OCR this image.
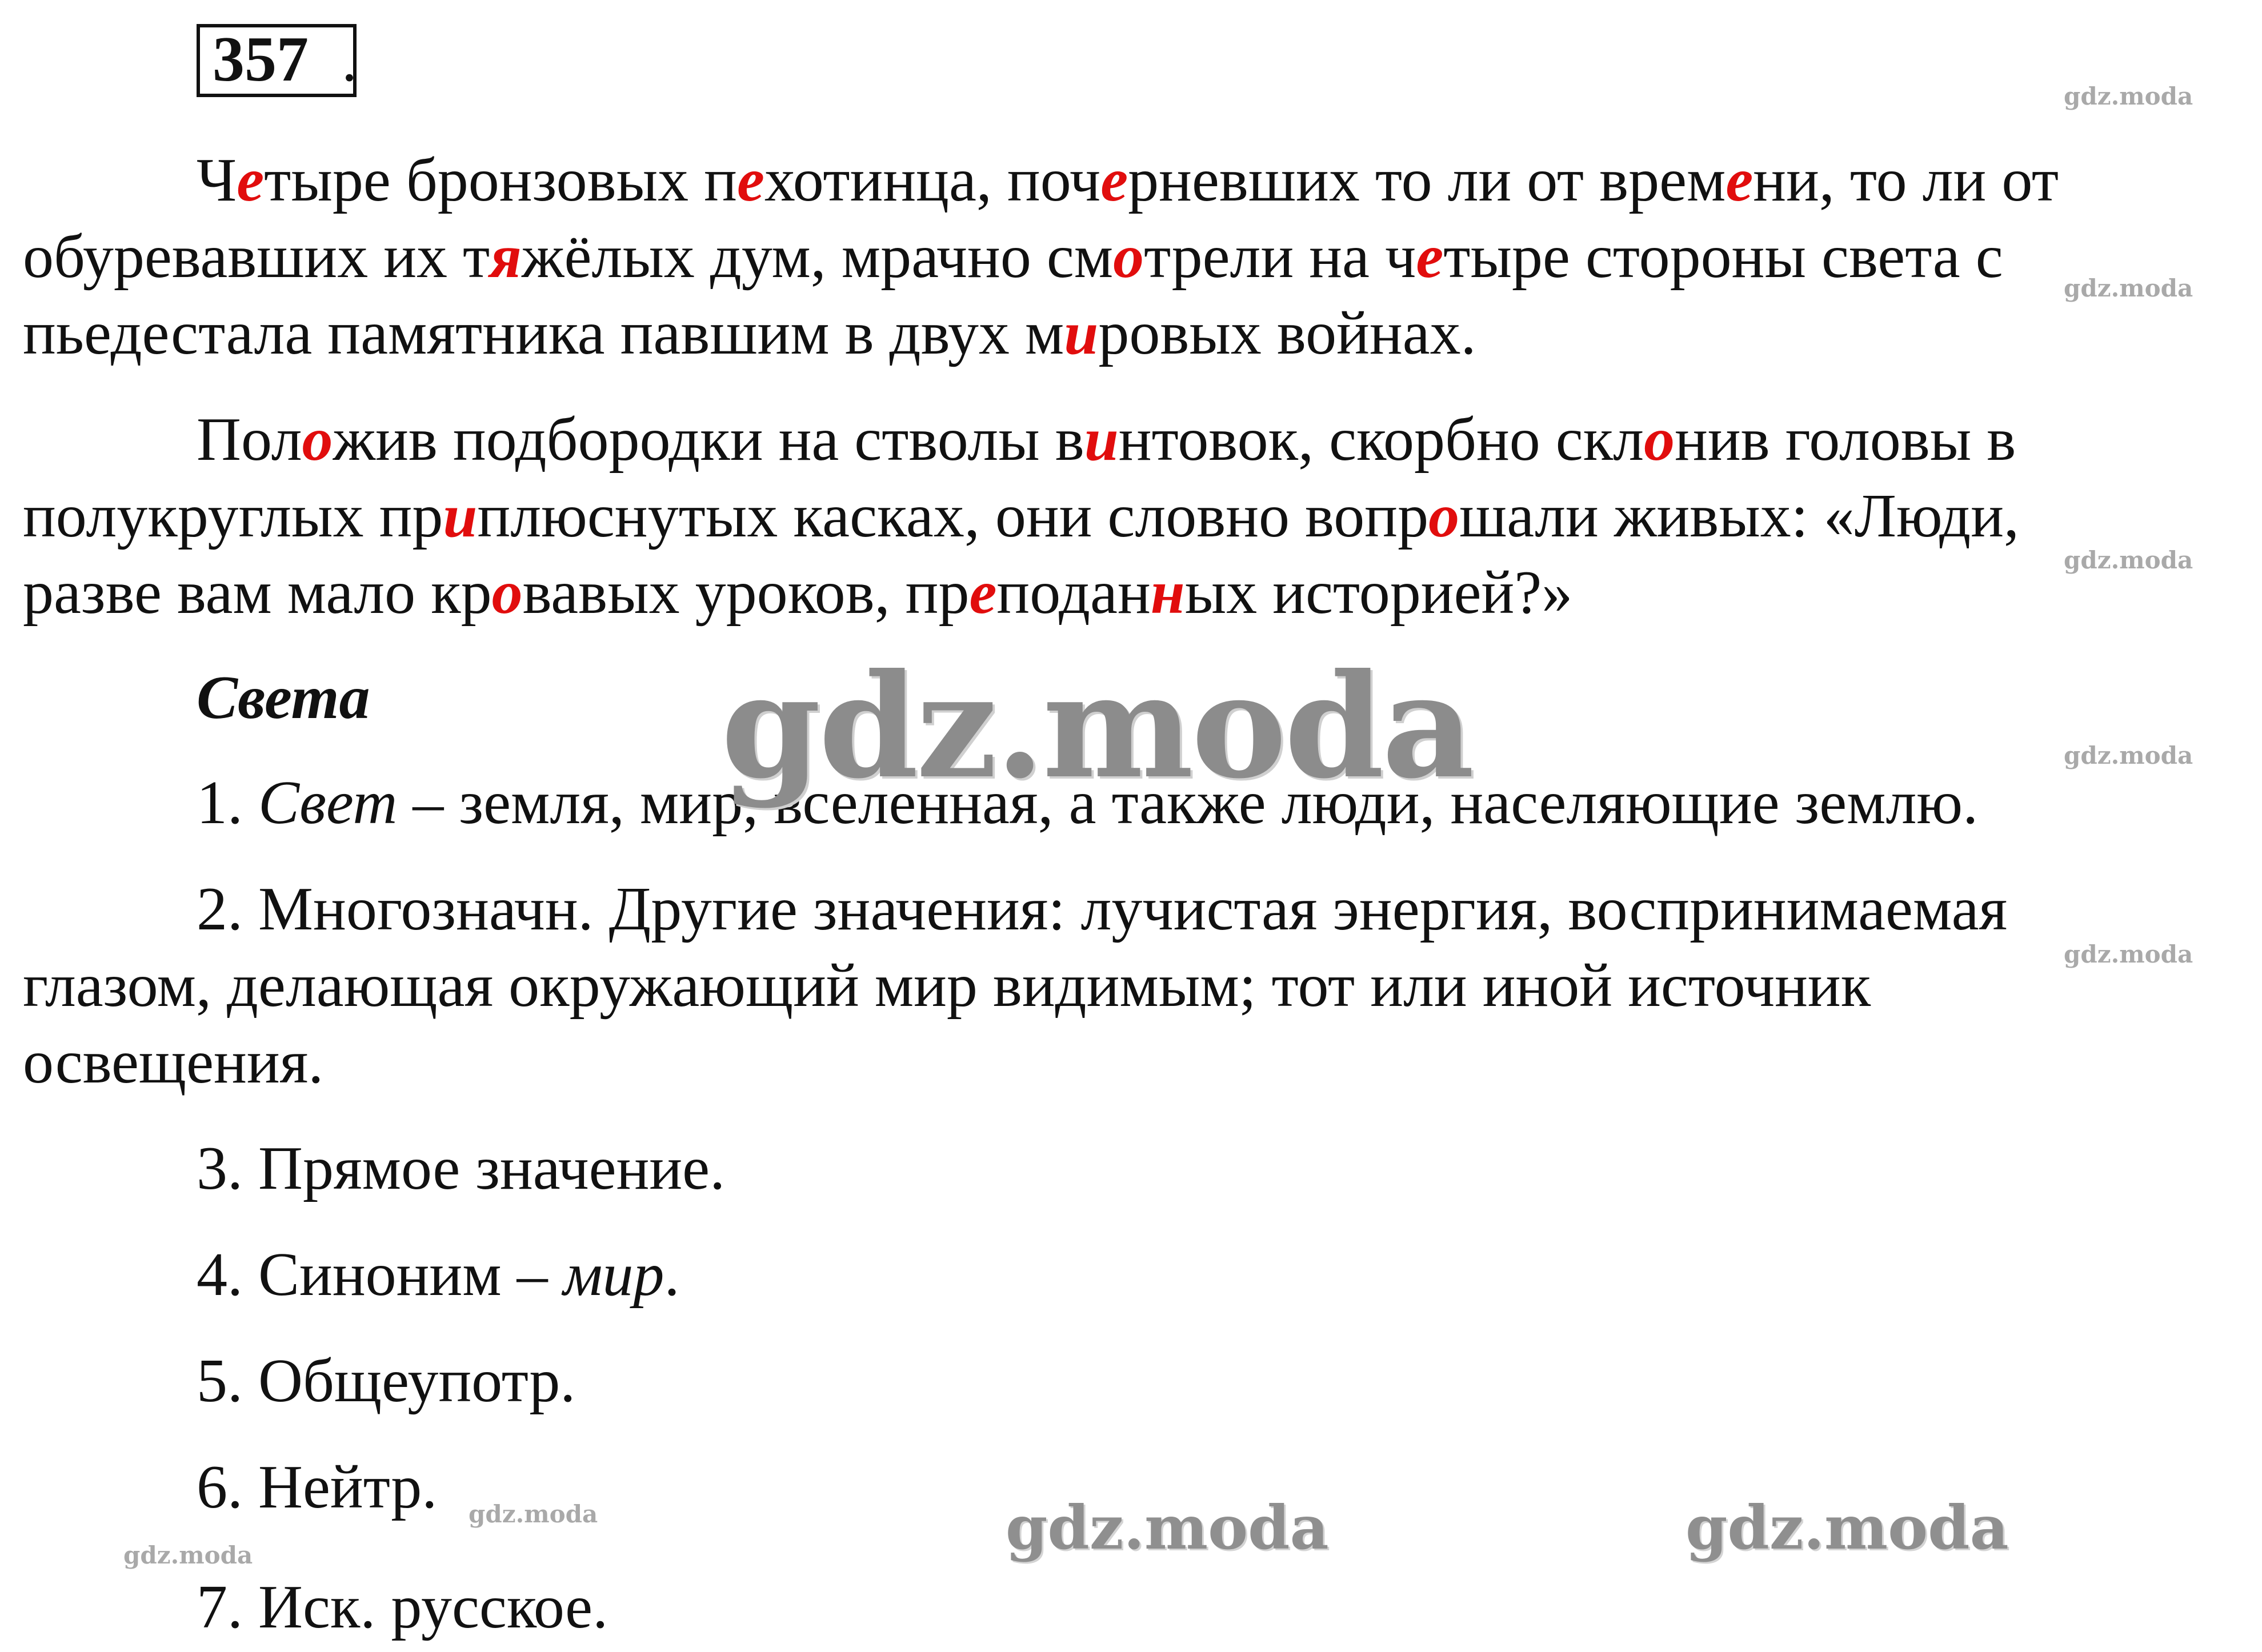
357 .

Четыре бронзовых пехотинца, почерневших то ли от времени, то ли от

обуревавших их тяжёлых дум, мрачно смотрели на четыре стороны света с

пьедестала памятника павшим в двух мировых войнах.

Положив подбородки на стволы винтовок, скорбно склонив головы в

полукруглых приплюснутых касках, они словно вопрошали живых: «Люди,

разве вам мало кровавых уроков, преподанных историей?»

Света

1. Свет – земля, мир, вселенная, а также люди, населяющие землю.

2. Многозначн. Другие значения: лучистая энергия, воспринимаемая

глазом, делающая окружающий мир видимым; тот или иной источник

освещения.

3. Прямое значение.

4. Синоним – мир.

5. Общеупотр.

6. Нейтр.

7. Иск. русское.

gdz.moda
gdz.moda
gdz.moda
gdz.moda
gdz.moda
gdz.moda
gdz.moda
gdz.moda
gdz.moda	gdz.moda
